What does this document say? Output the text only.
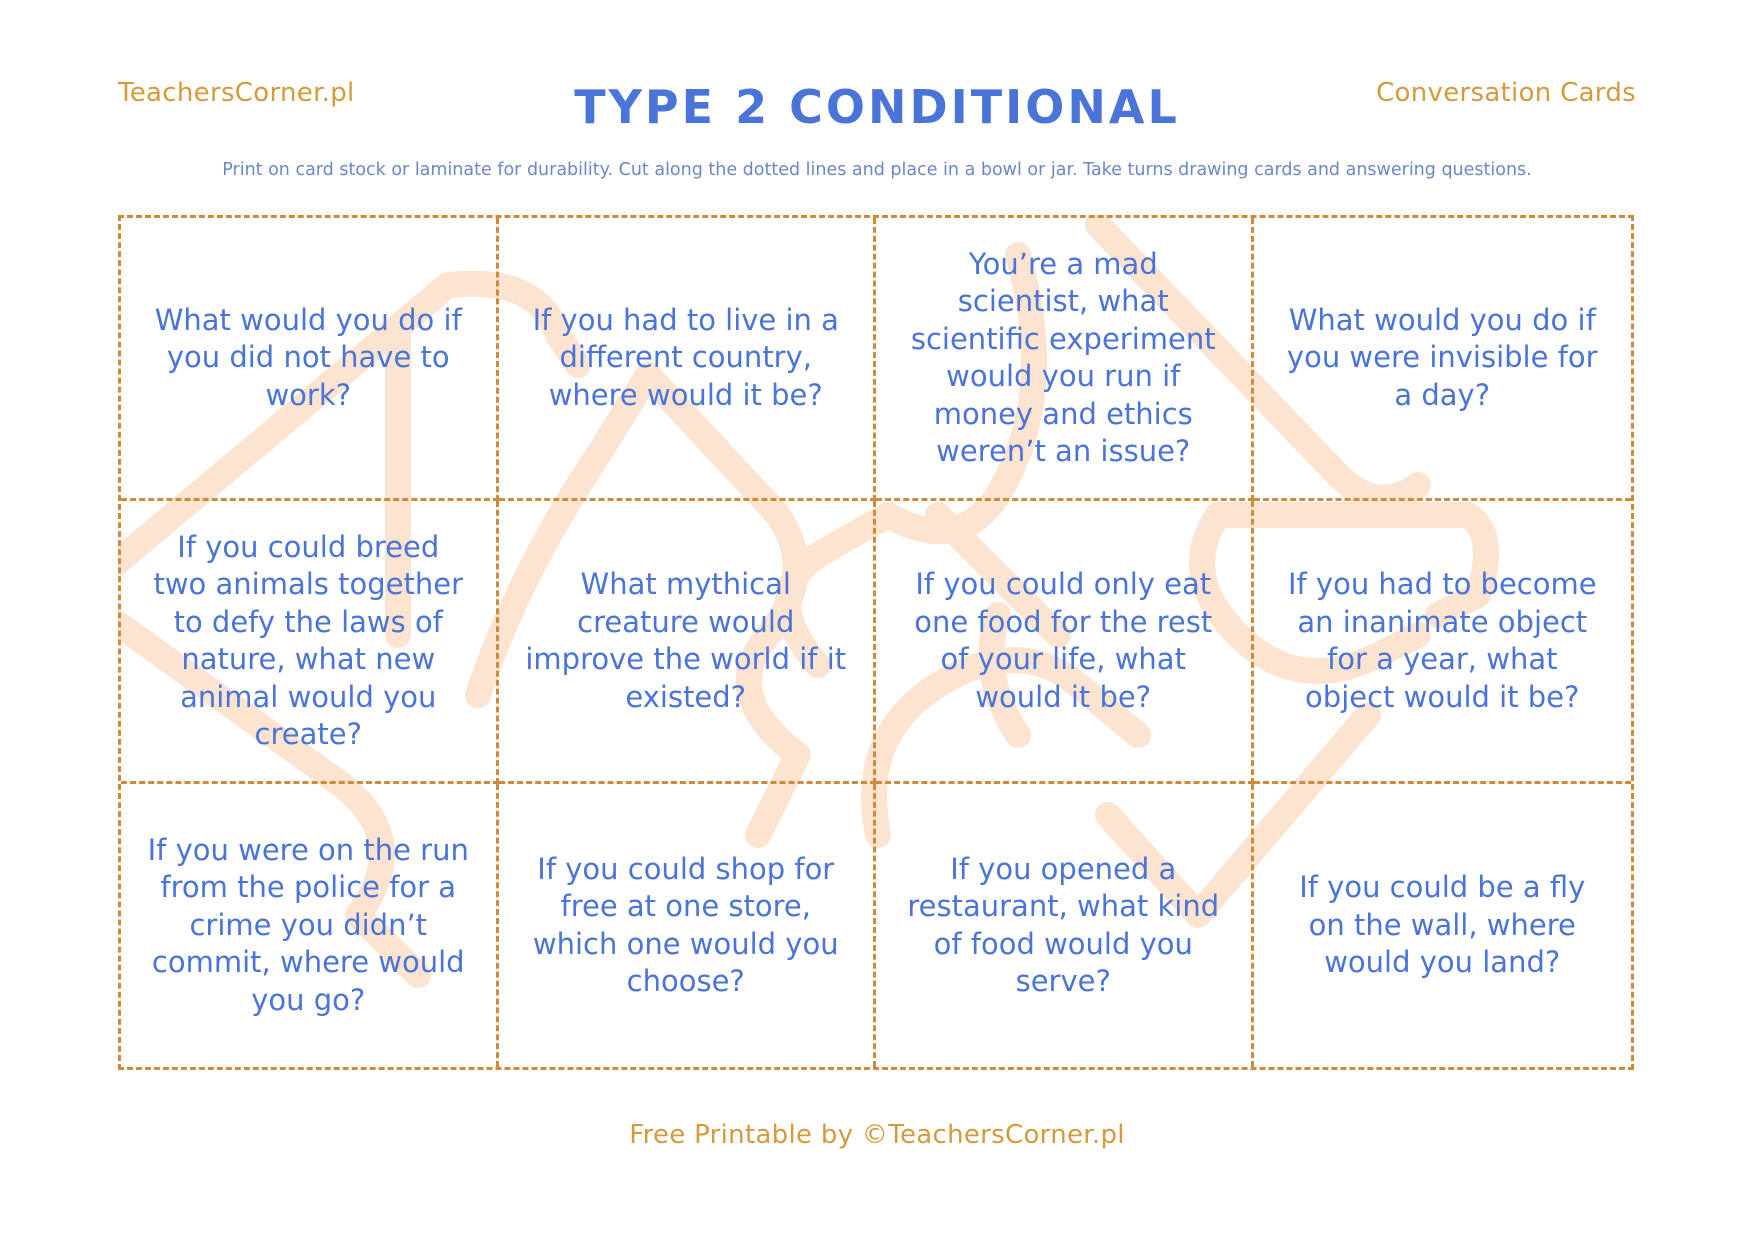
TeachersCorner.pl	TYPE 2 CONDITIONAL	Conversation Cards
Print on card stock or laminate for durability. Cut along the dotted lines and place in a bowl or jar. Take turns drawing cards and answering questions.
What would you do if you did not have to work?
If you had to live in a different country, where would it be?
You’re a mad scientist, what scientific experiment would you run if money and ethics weren’t an issue?
What would you do if you were invisible for a day?
If you could breed two animals together to defy the laws of nature, what new animal would you create?
What mythical creature would improve the world if it existed?
If you could only eat one food for the rest of your life, what would it be?
If you had to become an inanimate object for a year, what object would it be?
If you were on the run from the police for a crime you didn’t commit, where would you go?
If you could shop for free at one store, which one would you choose?
If you opened a restaurant, what kind of food would you serve?
If you could be a fly on the wall, where would you land?
Free Printable by ©TeachersCorner.pl
